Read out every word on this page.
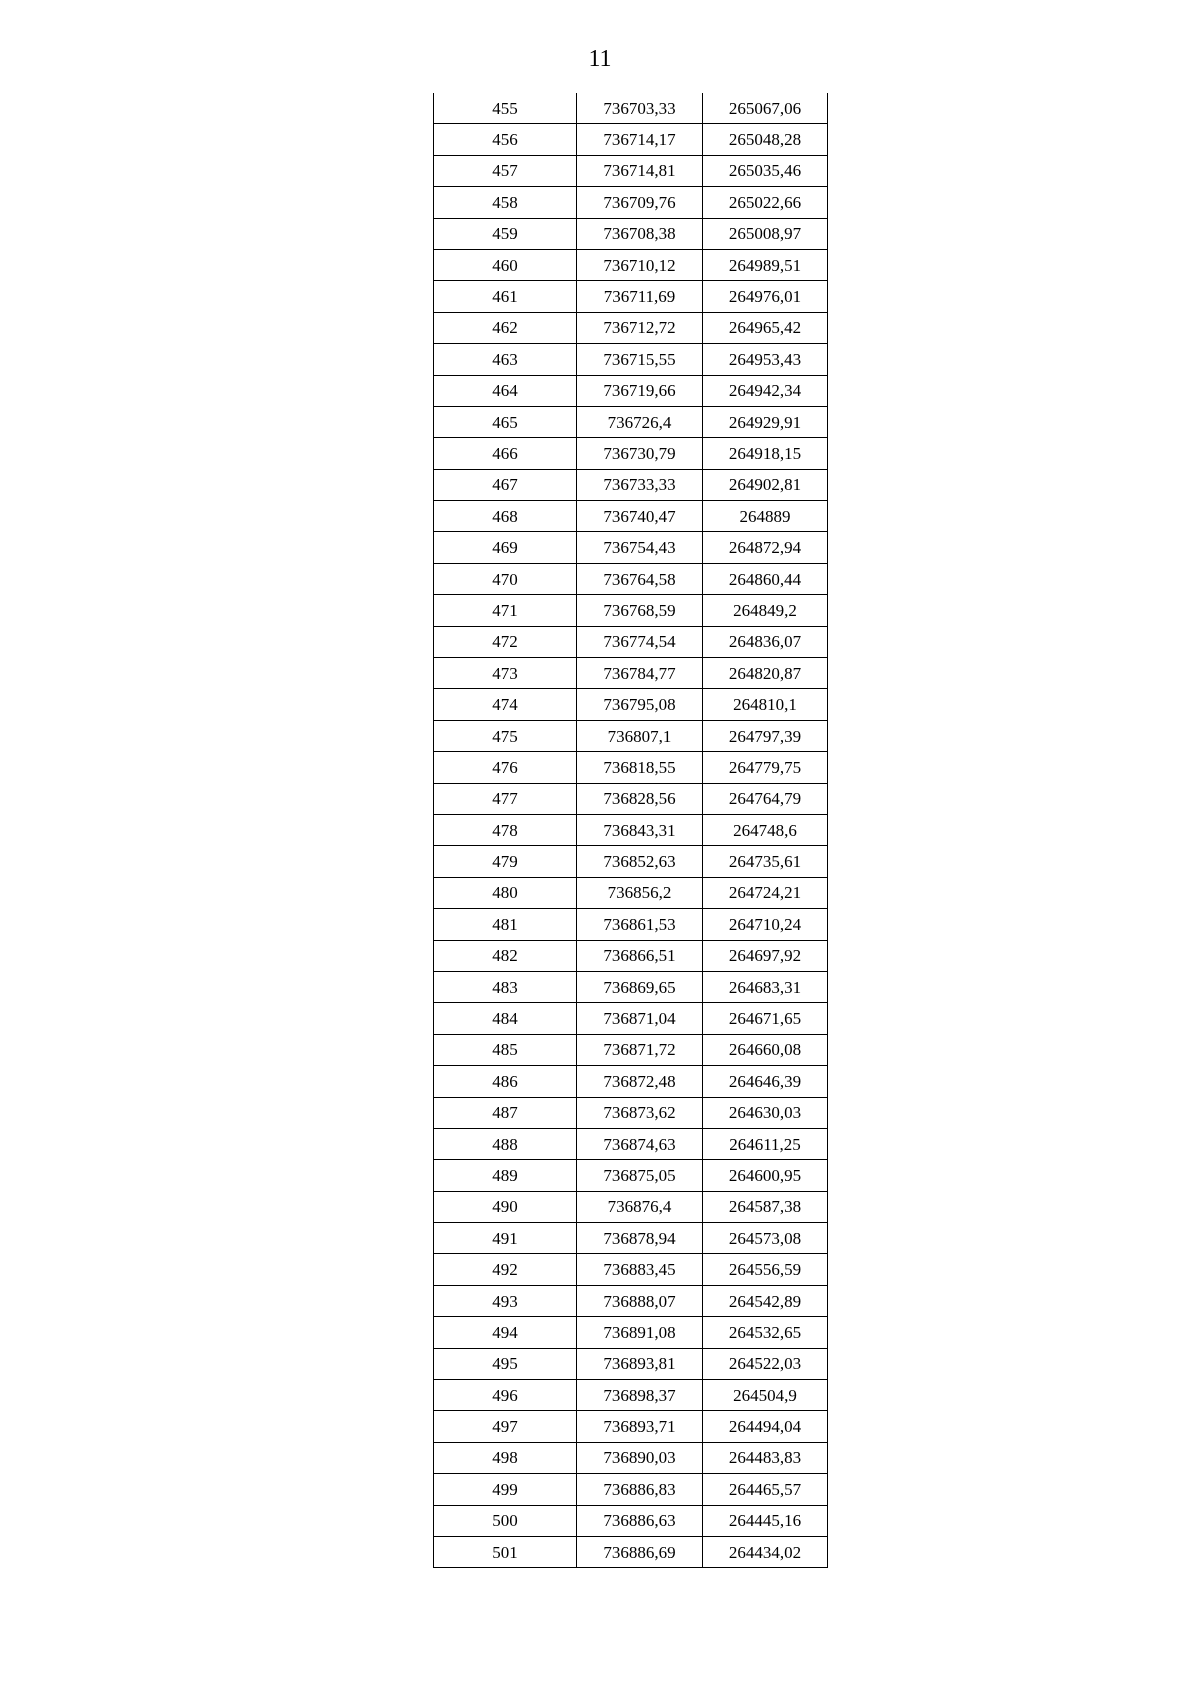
11
455	736703,33	265067,06
456	736714,17	265048,28
457	736714,81	265035,46
458	736709,76	265022,66
459	736708,38	265008,97
460	736710,12	264989,51
461	736711,69	264976,01
462	736712,72	264965,42
463	736715,55	264953,43
464	736719,66	264942,34
465	736726,4	264929,91
466	736730,79	264918,15
467	736733,33	264902,81
468	736740,47	264889
469	736754,43	264872,94
470	736764,58	264860,44
471	736768,59	264849,2
472	736774,54	264836,07
473	736784,77	264820,87
474	736795,08	264810,1
475	736807,1	264797,39
476	736818,55	264779,75
477	736828,56	264764,79
478	736843,31	264748,6
479	736852,63	264735,61
480	736856,2	264724,21
481	736861,53	264710,24
482	736866,51	264697,92
483	736869,65	264683,31
484	736871,04	264671,65
485	736871,72	264660,08
486	736872,48	264646,39
487	736873,62	264630,03
488	736874,63	264611,25
489	736875,05	264600,95
490	736876,4	264587,38
491	736878,94	264573,08
492	736883,45	264556,59
493	736888,07	264542,89
494	736891,08	264532,65
495	736893,81	264522,03
496	736898,37	264504,9
497	736893,71	264494,04
498	736890,03	264483,83
499	736886,83	264465,57
500	736886,63	264445,16
501	736886,69	264434,02
